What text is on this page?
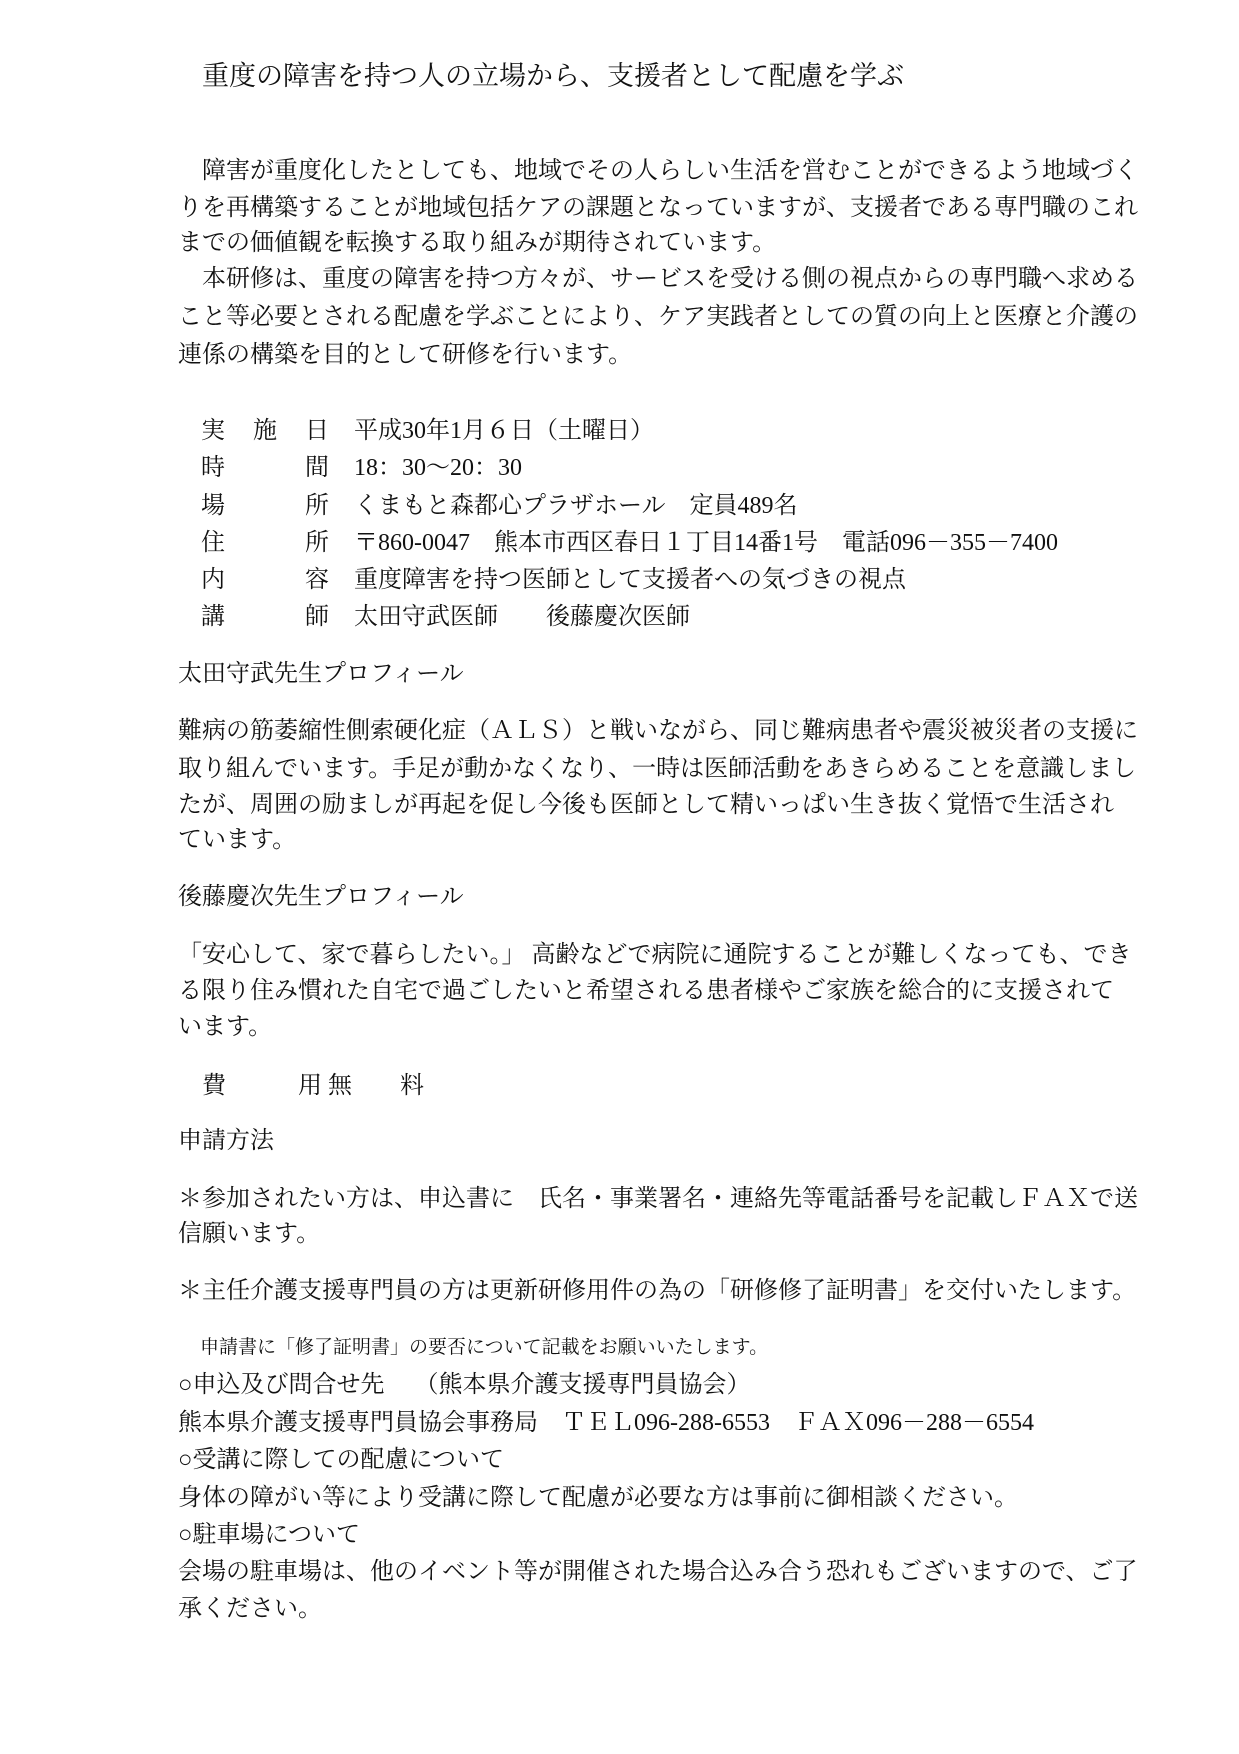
重度の障害を持つ人の立場から、支援者として配慮を学ぶ
　障害が重度化したとしても、地域でその人らしい生活を営むことができるよう地域づく
りを再構築することが地域包括ケアの課題となっていますが、支援者である専門職のこれ
までの価値観を転換する取り組みが期待されています。
　本研修は、重度の障害を持つ方々が、サービスを受ける側の視点からの専門職へ求める
こと等必要とされる配慮を学ぶことにより、ケア実践者としての質の向上と医療と介護の
連係の構築を目的として研修を行います。
実 施 日 平成30年1月６日（土曜日）
時	間 18：30～20：30
場	所 くまもと森都心プラザホール　定員489名
住	所 〒860-0047　熊本市西区春日１丁目14番1号　電話096－355－7400
内	容 重度障害を持つ医師として支援者への気づきの視点
講	師 太田守武医師　　後藤慶次医師
太田守武先生プロフィール
難病の筋萎縮性側索硬化症（ＡＬＳ）と戦いながら、同じ難病患者や震災被災者の支援に
取り組んでいます。手足が動かなくなり、一時は医師活動をあきらめることを意識しまし
たが、周囲の励ましが再起を促し今後も医師として精いっぱい生き抜く覚悟で生活され
ています。
後藤慶次先生プロフィール
「安心して、家で暮らしたい。」 高齢などで病院に通院することが難しくなっても、でき
る限り住み慣れた自宅で過ごしたいと希望される患者様やご家族を総合的に支援されて
います。
　費　　　用 無　　料
申請方法
＊参加されたい方は、申込書に　氏名・事業署名・連絡先等電話番号を記載しＦＡＸで送
信願います。
＊主任介護支援専門員の方は更新研修用件の為の「研修修了証明書」を交付いたします。
申請書に「修了証明書」の要否について記載をお願いいたします。
○申込及び問合せ先　 （熊本県介護支援専門員協会）
熊本県介護支援専門員協会事務局　ＴＥＬ096‐288‐6553　ＦＡＸ096－288－6554
○受講に際しての配慮について
身体の障がい等により受講に際して配慮が必要な方は事前に御相談ください。
○駐車場について
会場の駐車場は、他のイベント等が開催された場合込み合う恐れもございますので、ご了
承ください。
